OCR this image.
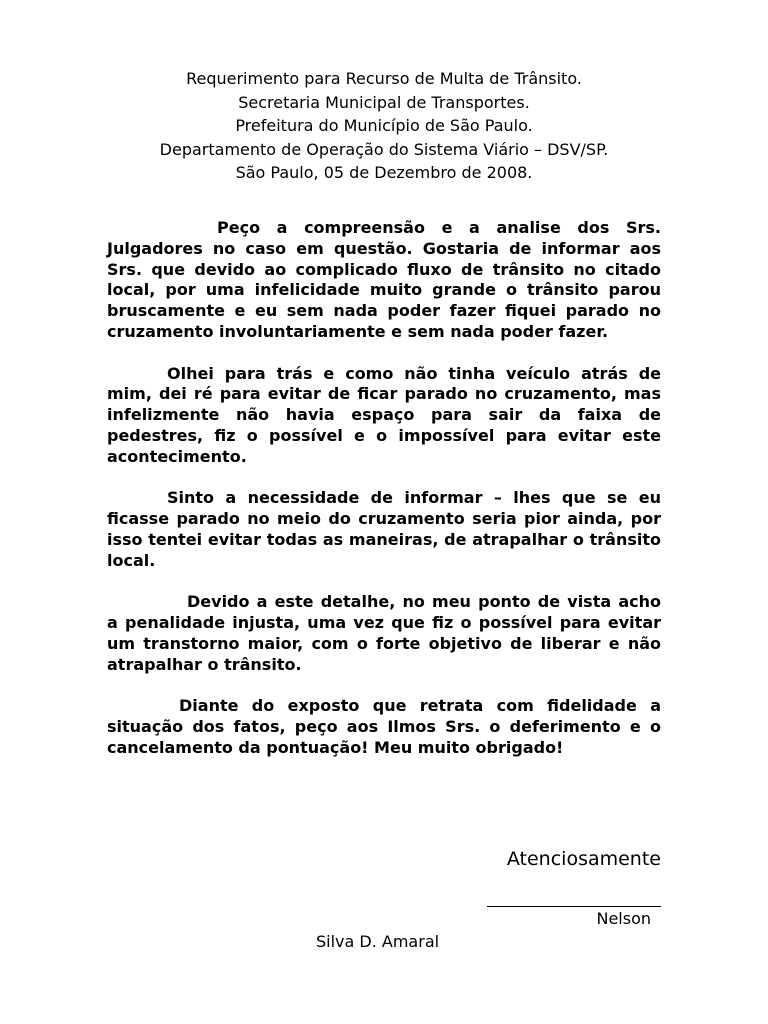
Requerimento para Recurso de Multa de Trânsito.
Secretaria Municipal de Transportes.
Prefeitura do Município de São Paulo.
Departamento de Operação do Sistema Viário – DSV/SP.
São Paulo, 05 de Dezembro de 2008.

Peço a compreensão e a analise dos Srs. Julgadores no caso em questão. Gostaria de informar aos Srs. que devido ao complicado fluxo de trânsito no citado local, por uma infelicidade muito grande o trânsito parou bruscamente e eu sem nada poder fazer fiquei parado no cruzamento involuntariamente e sem nada poder fazer.

Olhei para trás e como não tinha veículo atrás de mim, dei ré para evitar de ficar parado no cruzamento, mas infelizmente não havia espaço para sair da faixa de pedestres, fiz o possível e o impossível para evitar este acontecimento.

Sinto a necessidade de informar – lhes que se eu ficasse parado no meio do cruzamento seria pior ainda, por isso tentei evitar todas as maneiras, de atrapalhar o trânsito local.

Devido a este detalhe, no meu ponto de vista acho a penalidade injusta, uma vez que fiz o possível para evitar um transtorno maior, com o forte objetivo de liberar e não atrapalhar o trânsito.

Diante do exposto que retrata com fidelidade a situação dos fatos, peço aos Ilmos Srs. o deferimento e o cancelamento da pontuação! Meu muito obrigado!

Atenciosamente
Nelson
Silva D. Amaral
